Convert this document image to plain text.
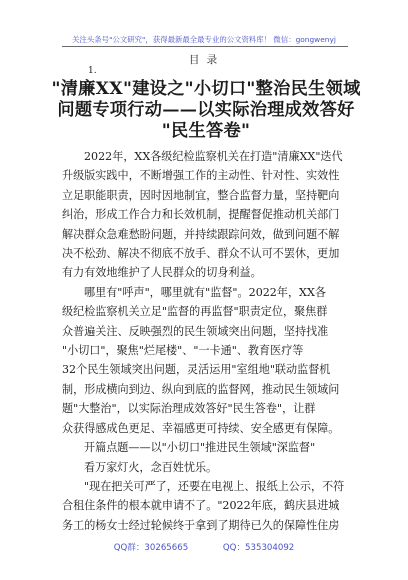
关注头条号"公文研究"，获得最新最全最专业的公文资料库！ 微信：gongwenyj
目 录
1.
"清廉XX"建设之"小切口"整治民生领域
问题专项行动——以实际治理成效答好
"民生答卷"

2022年，XX各级纪检监察机关在打造"清廉XX"迭代

升级版实践中，不断增强工作的主动性、针对性、实效性
立足职能职责，因时因地制宜，整合监督力量，坚持靶向
纠治，形成工作合力和长效机制，提醒督促推动机关部门
解决群众急难愁盼问题，并持续跟踪问效，做到问题不解
决不松劲、解决不彻底不放手、群众不认可不罢休，更加
有力有效地维护了人民群众的切身利益。

哪里有"呼声"，哪里就有"监督"。2022年，XX各

级纪检监察机关立足"监督的再监督"职责定位，聚焦群
众普遍关注、反映强烈的民生领域突出问题，坚持找准
"小切口"，聚焦"烂尾楼"、"一卡通"、教育医疗等
32个民生领域突出问题，灵活运用"室组地"联动监督机
制，形成横向到边、纵向到底的监督网，推动民生领域问
题"大整治"，以实际治理成效答好"民生答卷"，让群
众获得感成色更足、幸福感更可持续、安全感更有保障。

开篇点题——以"小切口"推进民生领域"深监督"

看万家灯火，念百姓忧乐。

"现在把关可严了，还要在电视上、报纸上公示，不符

合租住条件的根本就申请不了。"2022年底，鹤庆县进城
务工的杨女士经过轮候终于拿到了期待已久的保障性住房
QQ群：30265665	QQ：535304092
